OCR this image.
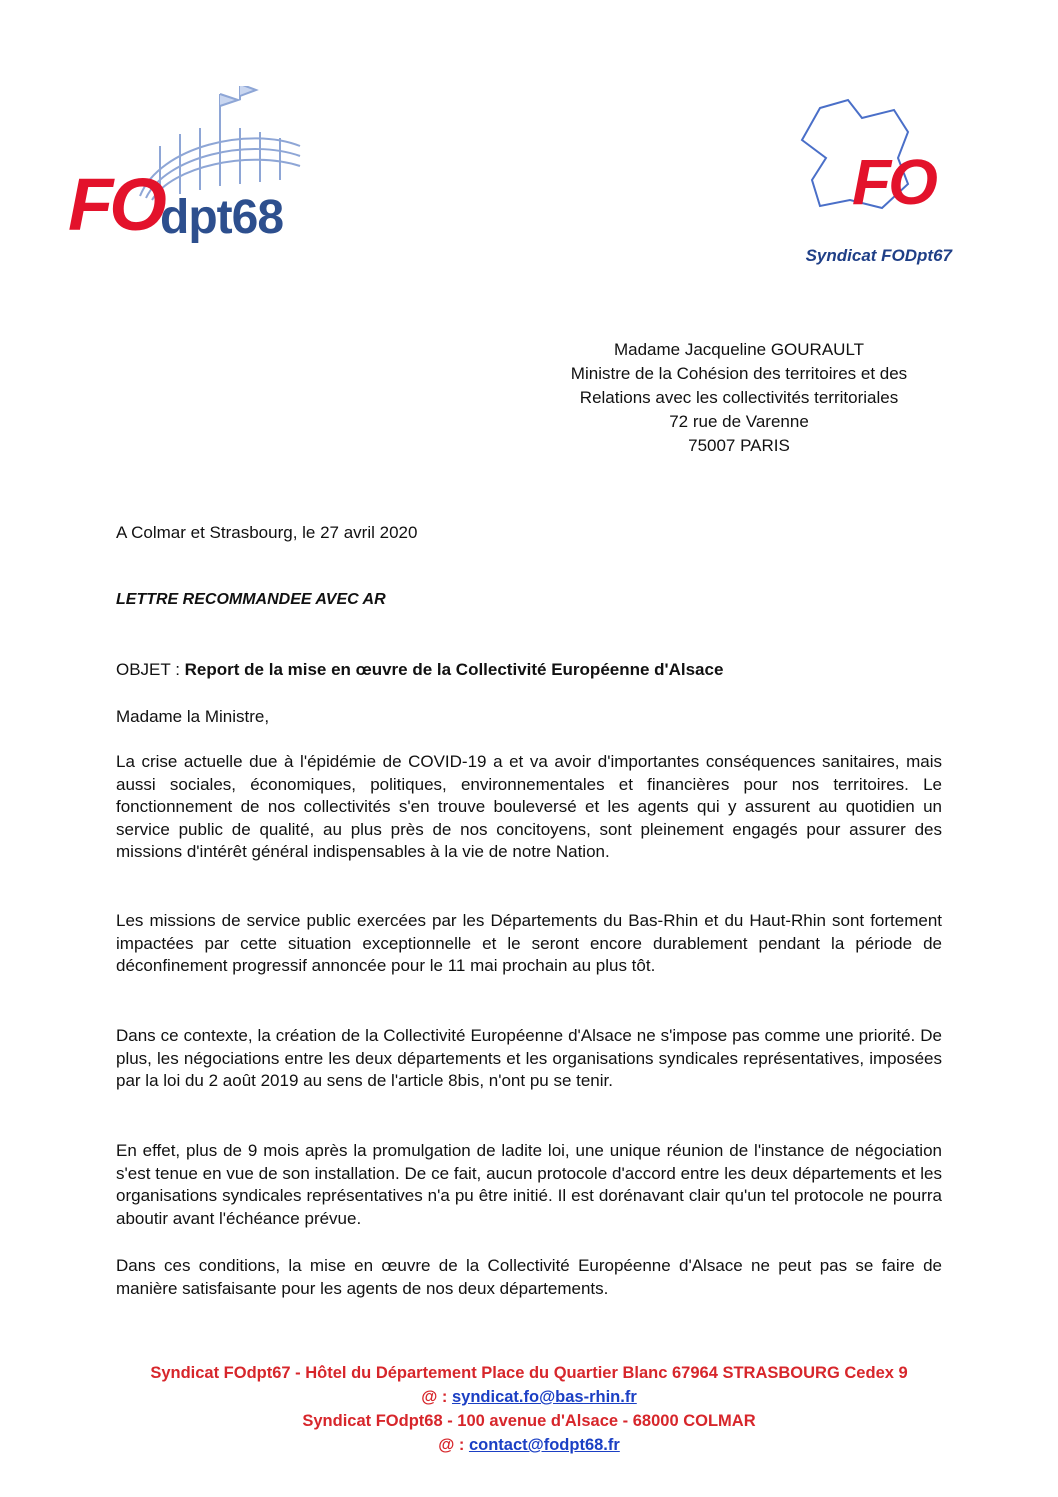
FO
dpt68	FO
Syndicat FODpt67
Madame Jacqueline GOURAULT
Ministre de la Cohésion des territoires et des
Relations avec les collectivités territoriales
72 rue de Varenne
75007 PARIS
A Colmar et Strasbourg, le 27 avril 2020
LETTRE RECOMMANDEE AVEC AR
OBJET : Report de la mise en œuvre de la Collectivité Européenne d'Alsace
Madame la Ministre,

La crise actuelle due à l'épidémie de COVID-19 a et va avoir d'importantes conséquences sanitaires, mais aussi sociales, économiques, politiques, environnementales et financières pour nos territoires. Le fonctionnement de nos collectivités s'en trouve bouleversé et les agents qui y assurent au quotidien un service public de qualité, au plus près de nos concitoyens, sont pleinement engagés pour assurer des missions d'intérêt général indispensables à la vie de notre Nation.

Les missions de service public exercées par les Départements du Bas-Rhin et du Haut-Rhin sont fortement impactées par cette situation exceptionnelle et le seront encore durablement pendant la période de déconfinement progressif annoncée pour le 11 mai prochain au plus tôt.

Dans ce contexte, la création de la Collectivité Européenne d'Alsace ne s'impose pas comme une priorité. De plus, les négociations entre les deux départements et les organisations syndicales représentatives, imposées par la loi du 2 août 2019 au sens de l'article 8bis, n'ont pu se tenir.

En effet, plus de 9 mois après la promulgation de ladite loi, une unique réunion de l'instance de négociation s'est tenue en vue de son installation. De ce fait, aucun protocole d'accord entre les deux départements et les organisations syndicales représentatives n'a pu être initié. Il est dorénavant clair qu'un tel protocole ne pourra aboutir avant l'échéance prévue.

Dans ces conditions, la mise en œuvre de la Collectivité Européenne d'Alsace ne peut pas se faire de manière satisfaisante pour les agents de nos deux départements.

Syndicat FOdpt67 - Hôtel du Département Place du Quartier Blanc 67964 STRASBOURG Cedex 9
@ : syndicat.fo@bas-rhin.fr
Syndicat FOdpt68 - 100 avenue d'Alsace - 68000 COLMAR
@ : contact@fodpt68.fr
